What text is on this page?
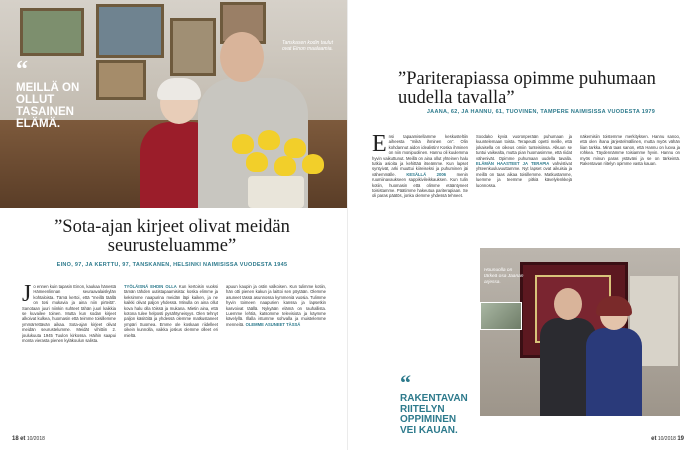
“
MEILLÄ ON OLLUT TASAINEN ELÄMÄ.
Tanskasen kodin taulut ovat Einon maalaamia.
”Sota-ajan kirjeet olivat meidän seurusteluamme”
EINO, 97, JA KERTTU, 97, TANSKANEN, HELSINKI NAIMISISSA VUODESTA 1945
J o ennen kuin tapasin Einon, kaukaa hänestä Hämeenlinnan seuraavalaiskylän kohtaloista. Tämä kertoi, että ”meillä täällä on tosi mukavia ja aina niin pirteitä”. Sanotaan juuri niinkin suhteet tähän juuri kaikkia se kuvailee toinen. Mutta kun sodan kirjeet alkoivat kulkea, huomasin että teimme toisillemme ymmärrettävän aikaa. Sota-ajan kirjeet olivat meidän seurustelumme. Meidät vihittiin 2. joulukuuta 1945 Tuulon kirkossa. Häihin saapui monta vierasta pienen kyläkoulun salista.
TYÖLÄISNÄ EHDIN OLLA Kun kertoisin vuoksi tämän tähden uutistapaamisista: koska elimme ja keksimme naapurina meidän läpi kaiken, ja ne kaikki olivat paljon yhdessä. Minulla on aina ollut kova halu olla töissä ja mukana. Mietin aina, että kotona tulee helposti pysähtyneisyys. Olen tehnyt paljon käsitöitä ja yhdessä olemme matkustaneet ympäri Suomea. Emme ole koskaan riidelleet oikein kunnolla, vaikka joskus olemme olleet eri mieltä.
apuun kaupin ja ostin valkoisen. Kun tulimme kotiin, hän otti pienen kakun ja laittoi sen pöytään. Olemme asuneet tässä asunnossa kymmeniä vuosia. Tulimme hyvin toimeen naapurien kanssa ja lapsetkin kasvoivat täällä. Nykyään elämä on rauhallista. Luemme lehtiä, katsomme televisiota ja käymme kävelyllä. Illalla istumme sohvalla ja muistelemme menneitä. OLEMME ASUNEET TÄSSÄ
18 et 10/2018
”Pariterapiassa opimme puhumaan uudella tavalla”
JAANA, 62, JA HANNU, 61, TUOVINEN, TAMPERE NAIMISISSA VUODESTA 1979
E nsi tapaamisellamme keskusteltiin aiheesta ”mikä ihminen on”. Olin kohdannut aidon idealistin! Koska ihminen on niin monipuolinen. Hannu oli kuulemma hyvin vaikuttunut. Meillä on aina ollut yhteinen halu tutkia asioita ja kehittää itseämme. Kun lapset syntyivät, arki muuttui kiireiseksi ja puhuminen jäi vähemmälle.	KESÄLLÄ 2006	menin ruumiinavaukseen sappikivileikkauksen. Kun tulin kotiin, huomasin että olimme etääntyneet toisistamme. Päätimme hakeutua pariterapiaan. Se oli paras päätös, jonka olemme yhdessä tehneet.
Soodako kyviä vuoronperään puhumaan ja kuuntelemaan toista. Terapeutti opetti meille, että jokaisella on oikeus omiin tunteisiinsa. Alkuun se tuntui vaikealta, mutta pian huomasimme, että riidat vähenivät. Opimme puhumaan uudella tavalla. ELÄMÄN HAASTEET JA TERAPIA vahvistivat yhteenkuuluvuuttamme. Nyt lapset ovat aikuisia ja meillä on taas aikaa toisillemme. Matkustamme, luemme ja teemme pitkiä kävelylenkkejä luonnossa.
näkemisiin toistemme merkityksen. Hannu sanoo, että olen ihana järjestelmällinen, mutta myös vähän liian tarkka. Minä taas sanon, että Hannu on luova ja rohkea. Täydennämme toisiamme hyvin. Hannu on myös minun paras ystäväni ja se on tärkeintä. Rakentavan riitelyn opimme vasta kauan.
Hounuolla on tärkeä osa Jaanan arjessa.
“
RAKENTAVAN RIITELYN OPPIMINEN VEI KAUAN.
et 10/2018 19
